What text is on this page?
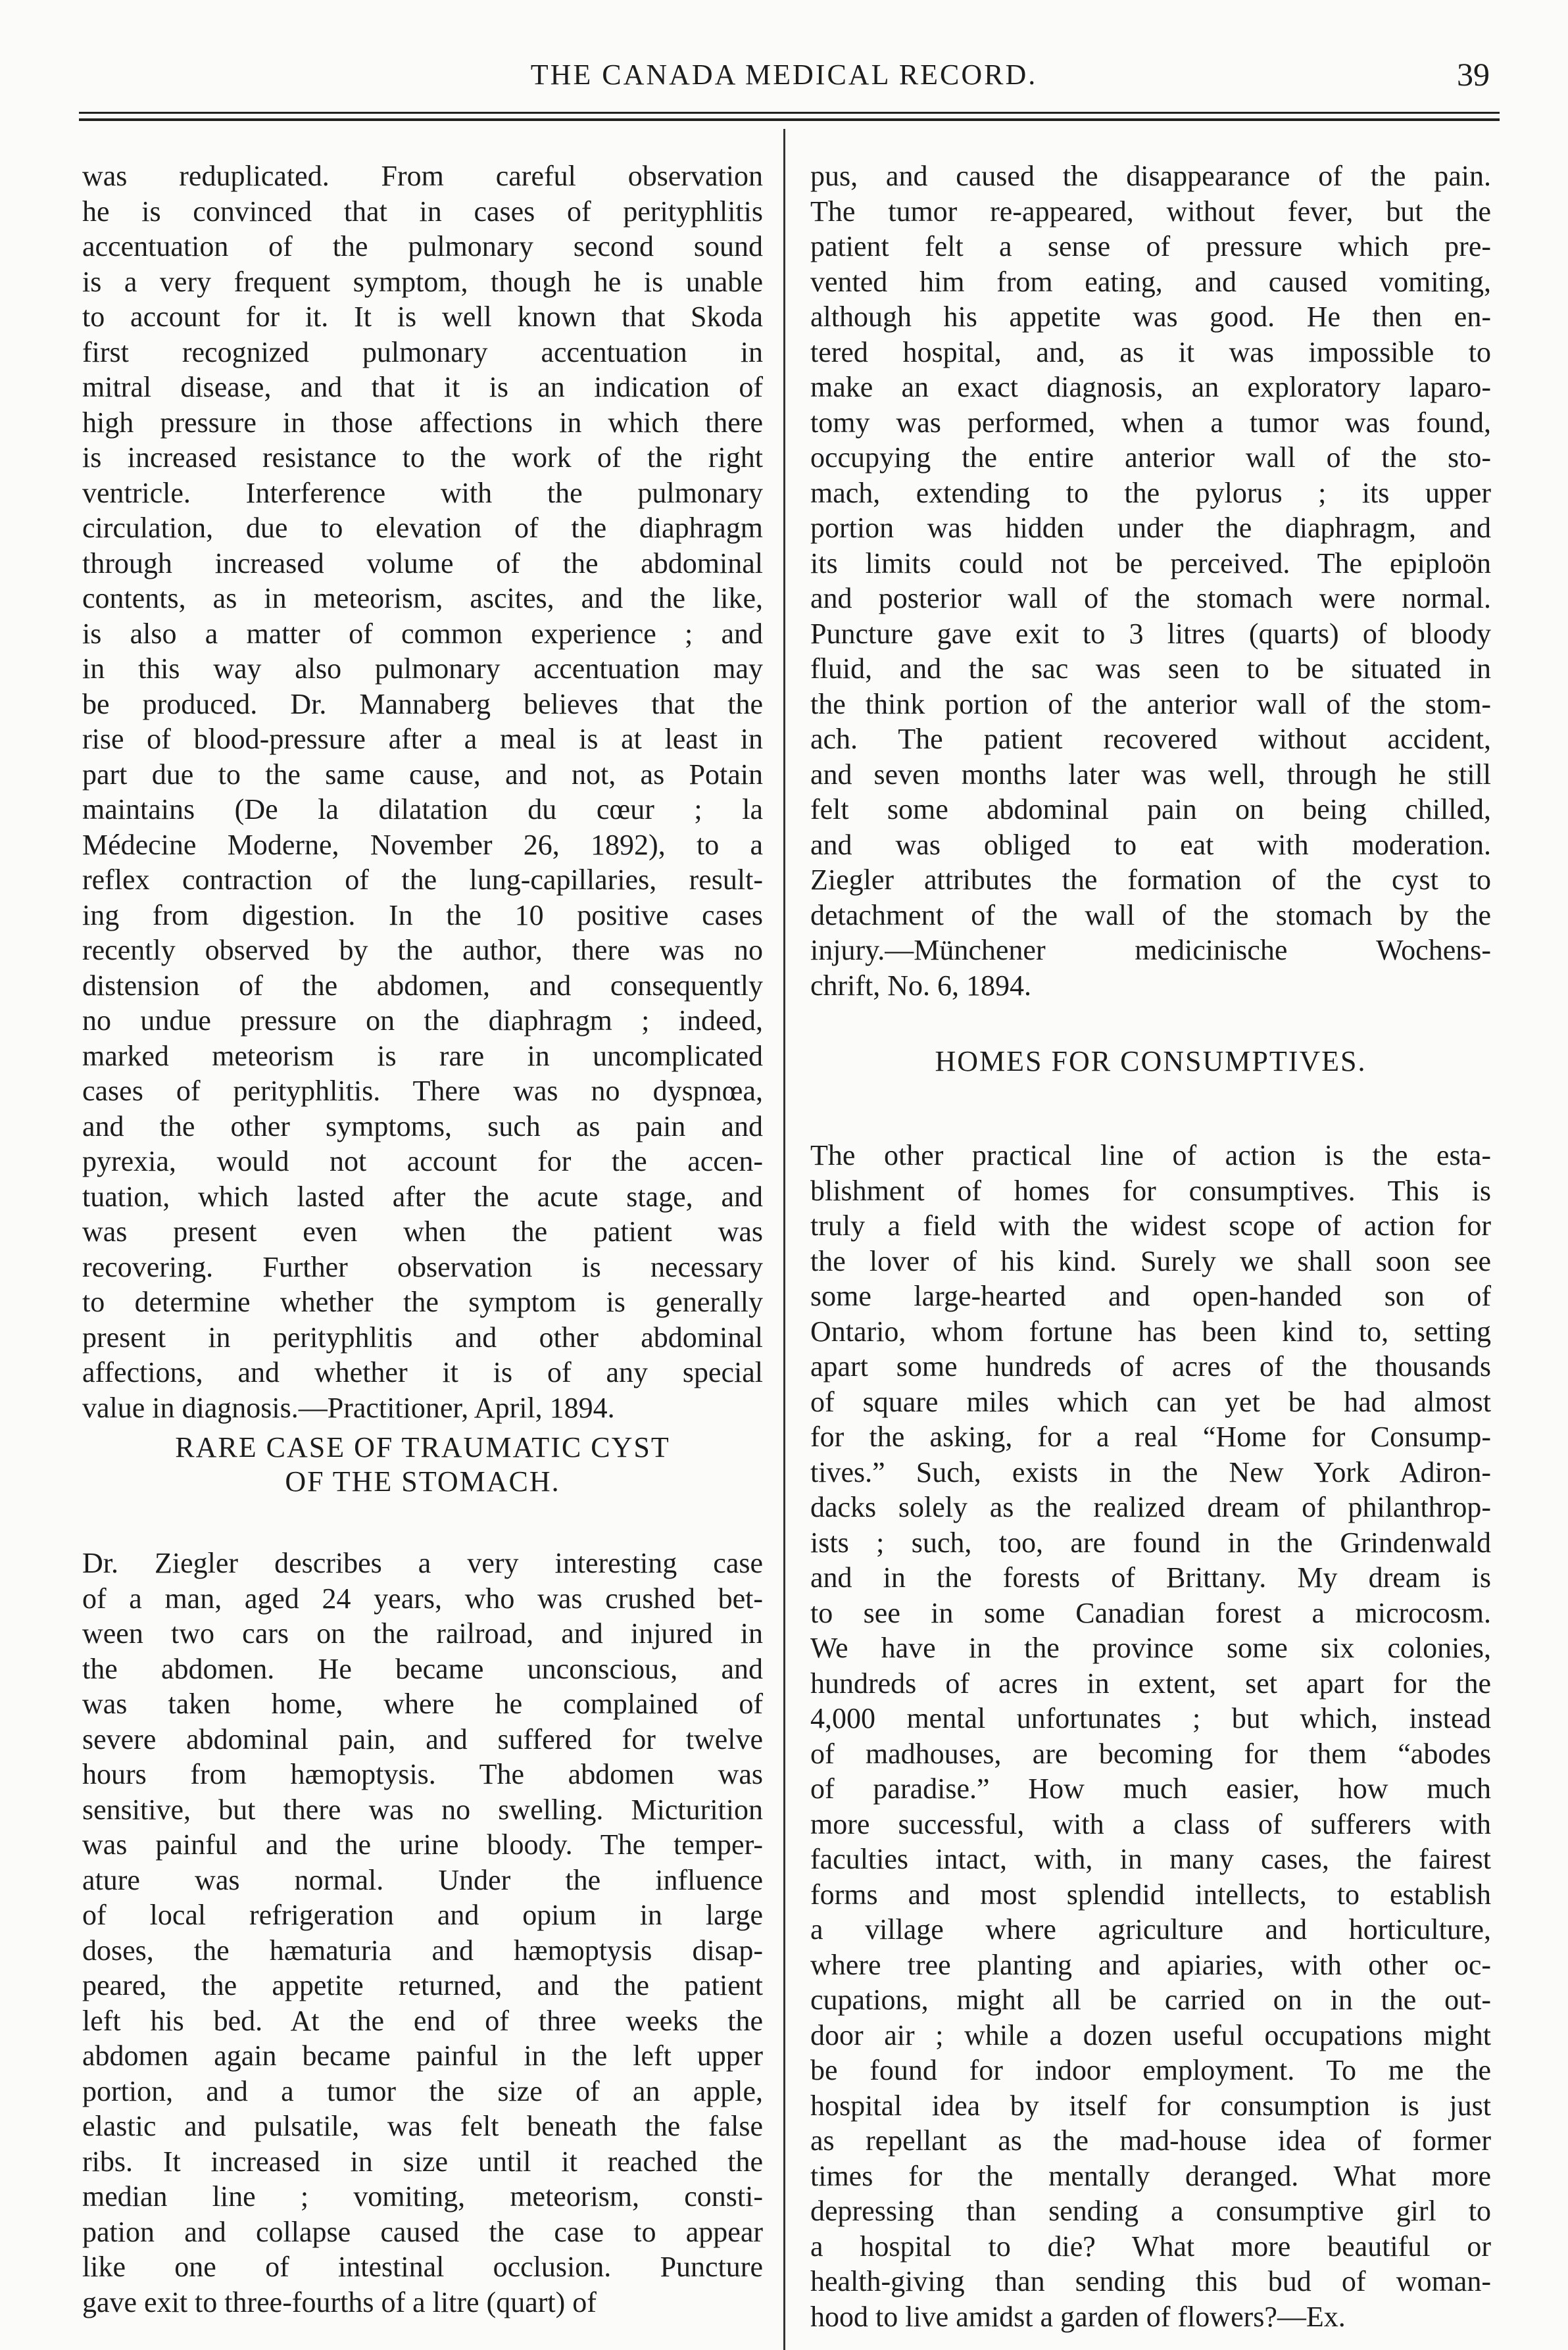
THE CANADA MEDICAL RECORD.	39
was reduplicated. From careful observation
he is convinced that in cases of perityphlitis
accentuation of the pulmonary second sound
is a very frequent symptom, though he is unable
to account for it. It is well known that Skoda
first recognized pulmonary accentuation in
mitral disease, and that it is an indication of
high pressure in those affections in which there
is increased resistance to the work of the right
ventricle. Interference with the pulmonary
circulation, due to elevation of the diaphragm
through increased volume of the abdominal
contents, as in meteorism, ascites, and the like,
is also a matter of common experience ; and
in this way also pulmonary accentuation may
be produced. Dr. Mannaberg believes that the
rise of blood-pressure after a meal is at least in
part due to the same cause, and not, as Potain
maintains (De la dilatation du cœur ; la
Médecine Moderne, November 26, 1892), to a
reflex contraction of the lung-capillaries, result-
ing from digestion. In the 10 positive cases
recently observed by the author, there was no
distension of the abdomen, and consequently
no undue pressure on the diaphragm ; indeed,
marked meteorism is rare in uncomplicated
cases of perityphlitis. There was no dyspnœa,
and the other symptoms, such as pain and
pyrexia, would not account for the accen-
tuation, which lasted after the acute stage, and
was present even when the patient was
recovering. Further observation is necessary
to determine whether the symptom is generally
present in perityphlitis and other abdominal
affections, and whether it is of any special
value in diagnosis.—Practitioner, April, 1894.
RARE CASE OF TRAUMATIC CYST
OF THE STOMACH.
Dr. Ziegler describes a very interesting case
of a man, aged 24 years, who was crushed bet-
ween two cars on the railroad, and injured in
the abdomen. He became unconscious, and
was taken home, where he complained of
severe abdominal pain, and suffered for twelve
hours from hæmoptysis. The abdomen was
sensitive, but there was no swelling. Micturition
was painful and the urine bloody. The temper-
ature was normal. Under the influence
of local refrigeration and opium in large
doses, the hæmaturia and hæmoptysis disap-
peared, the appetite returned, and the patient
left his bed. At the end of three weeks the
abdomen again became painful in the left upper
portion, and a tumor the size of an apple,
elastic and pulsatile, was felt beneath the false
ribs. It increased in size until it reached the
median line ; vomiting, meteorism, consti-
pation and collapse caused the case to appear
like one of intestinal occlusion. Puncture
gave exit to three-fourths of a litre (quart) of
pus, and caused the disappearance of the pain.
The tumor re-appeared, without fever, but the
patient felt a sense of pressure which pre-
vented him from eating, and caused vomiting,
although his appetite was good. He then en-
tered hospital, and, as it was impossible to
make an exact diagnosis, an exploratory laparo-
tomy was performed, when a tumor was found,
occupying the entire anterior wall of the sto-
mach, extending to the pylorus ; its upper
portion was hidden under the diaphragm, and
its limits could not be perceived. The epiploön
and posterior wall of the stomach were normal.
Puncture gave exit to 3 litres (quarts) of bloody
fluid, and the sac was seen to be situated in
the think portion of the anterior wall of the stom-
ach. The patient recovered without accident,
and seven months later was well, through he still
felt some abdominal pain on being chilled,
and was obliged to eat with moderation.
Ziegler attributes the formation of the cyst to
detachment of the wall of the stomach by the
injury.—Münchener medicinische Wochens-
chrift, No. 6, 1894.
HOMES FOR CONSUMPTIVES.
The other practical line of action is the esta-
blishment of homes for consumptives. This is
truly a field with the widest scope of action for
the lover of his kind. Surely we shall soon see
some large-hearted and open-handed son of
Ontario, whom fortune has been kind to, setting
apart some hundreds of acres of the thousands
of square miles which can yet be had almost
for the asking, for a real “Home for Consump-
tives.” Such, exists in the New York Adiron-
dacks solely as the realized dream of philanthrop-
ists ; such, too, are found in the Grindenwald
and in the forests of Brittany. My dream is
to see in some Canadian forest a microcosm.
We have in the province some six colonies,
hundreds of acres in extent, set apart for the
4,000 mental unfortunates ; but which, instead
of madhouses, are becoming for them “abodes
of paradise.” How much easier, how much
more successful, with a class of sufferers with
faculties intact, with, in many cases, the fairest
forms and most splendid intellects, to establish
a village where agriculture and horticulture,
where tree planting and apiaries, with other oc-
cupations, might all be carried on in the out-
door air ; while a dozen useful occupations might
be found for indoor employment. To me the
hospital idea by itself for consumption is just
as repellant as the mad-house idea of former
times for the mentally deranged. What more
depressing than sending a consumptive girl to
a hospital to die? What more beautiful or
health-giving than sending this bud of woman-
hood to live amidst a garden of flowers?—Ex.
